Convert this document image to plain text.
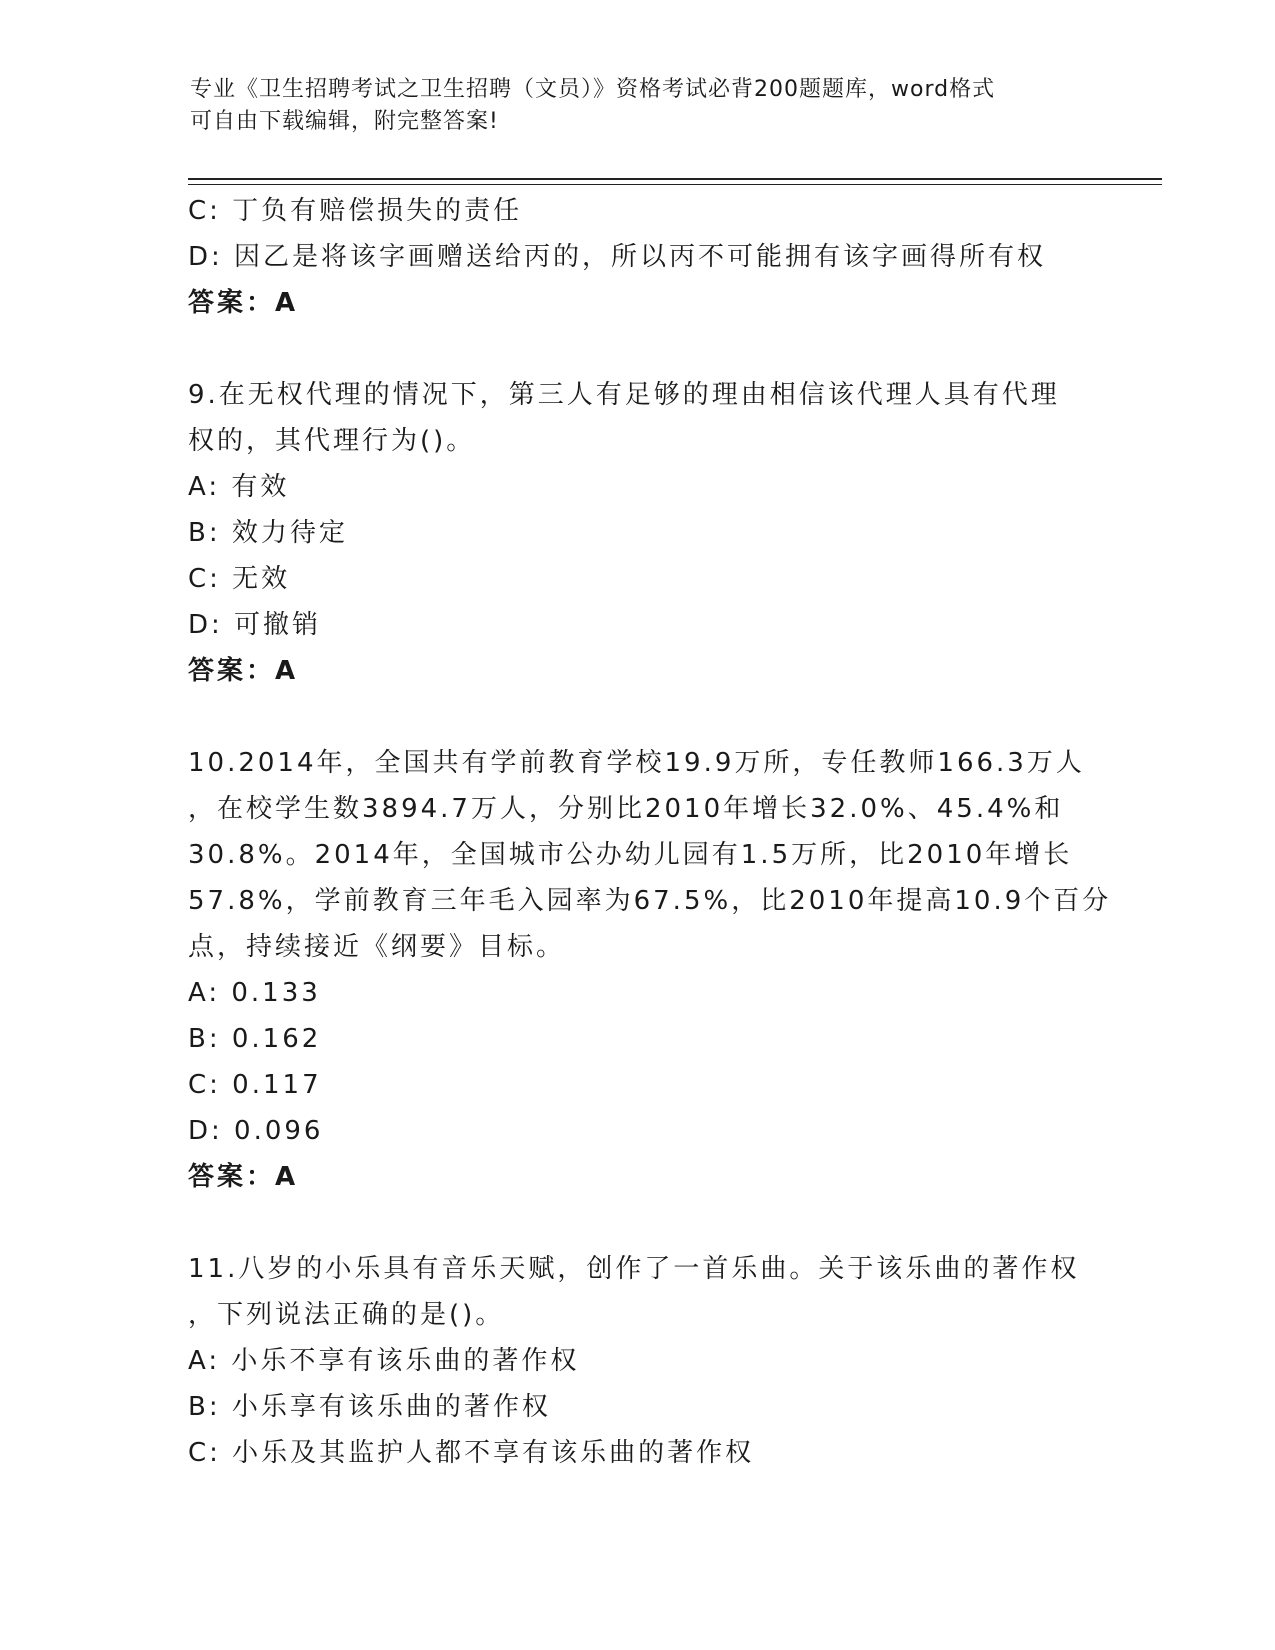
专业《卫生招聘考试之卫生招聘（文员）》资格考试必背200题题库，word格式
可自由下载编辑，附完整答案!
C: 丁负有赔偿损失的责任
D: 因乙是将该字画赠送给丙的，所以丙不可能拥有该字画得所有权
答案：A
9.在无权代理的情况下，第三人有足够的理由相信该代理人具有代理
权的，其代理行为()。
A: 有效
B: 效力待定
C: 无效
D: 可撤销
答案：A
10.2014年，全国共有学前教育学校19.9万所，专任教师166.3万人
，在校学生数3894.7万人，分别比2010年增长32.0%、45.4%和
30.8%。2014年，全国城市公办幼儿园有1.5万所，比2010年增长
57.8%，学前教育三年毛入园率为67.5%，比2010年提高10.9个百分
点，持续接近《纲要》目标。
A: 0.133
B: 0.162
C: 0.117
D: 0.096
答案：A
11.八岁的小乐具有音乐天赋，创作了一首乐曲。关于该乐曲的著作权
，下列说法正确的是()。
A: 小乐不享有该乐曲的著作权
B: 小乐享有该乐曲的著作权
C: 小乐及其监护人都不享有该乐曲的著作权
